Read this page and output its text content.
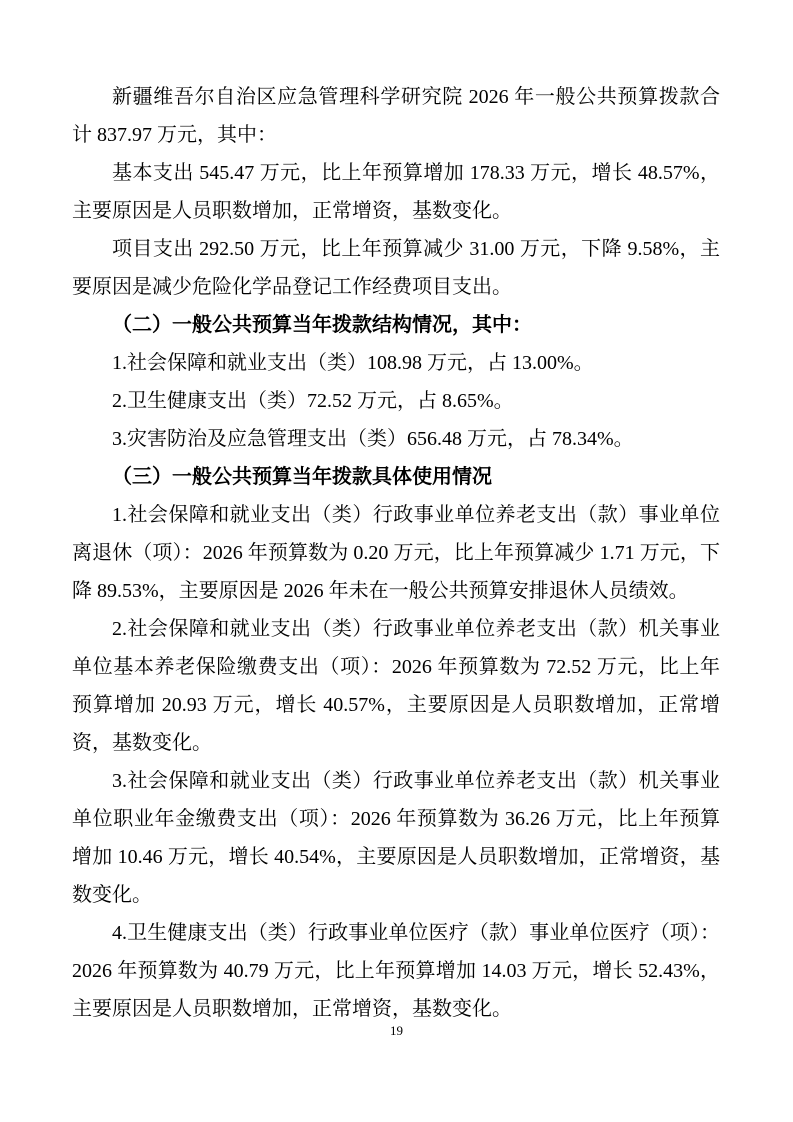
新疆维吾尔自治区应急管理科学研究院 2026 年一般公共预算拨款合计 837.97 万元，其中：

基本支出 545.47 万元，比上年预算增加 178.33 万元，增长 48.57%，主要原因是人员职数增加，正常增资，基数变化。

项目支出 292.50 万元，比上年预算减少 31.00 万元，下降 9.58%，主要原因是减少危险化学品登记工作经费项目支出。

（二）一般公共预算当年拨款结构情况，其中：

1.社会保障和就业支出（类）108.98 万元，占 13.00%。

2.卫生健康支出（类）72.52 万元，占 8.65%。

3.灾害防治及应急管理支出（类）656.48 万元，占 78.34%。

（三）一般公共预算当年拨款具体使用情况

1.社会保障和就业支出（类）行政事业单位养老支出（款）事业单位离退休（项）：2026 年预算数为 0.20 万元，比上年预算减少 1.71 万元，下降 89.53%，主要原因是 2026 年未在一般公共预算安排退休人员绩效。

2.社会保障和就业支出（类）行政事业单位养老支出（款）机关事业单位基本养老保险缴费支出（项）：2026 年预算数为 72.52 万元，比上年预算增加 20.93 万元，增长 40.57%，主要原因是人员职数增加，正常增资，基数变化。

3.社会保障和就业支出（类）行政事业单位养老支出（款）机关事业单位职业年金缴费支出（项）：2026 年预算数为 36.26 万元，比上年预算增加 10.46 万元，增长 40.54%，主要原因是人员职数增加，正常增资，基数变化。

4.卫生健康支出（类）行政事业单位医疗（款）事业单位医疗（项）：2026 年预算数为 40.79 万元，比上年预算增加 14.03 万元，增长 52.43%，主要原因是人员职数增加，正常增资，基数变化。

19
